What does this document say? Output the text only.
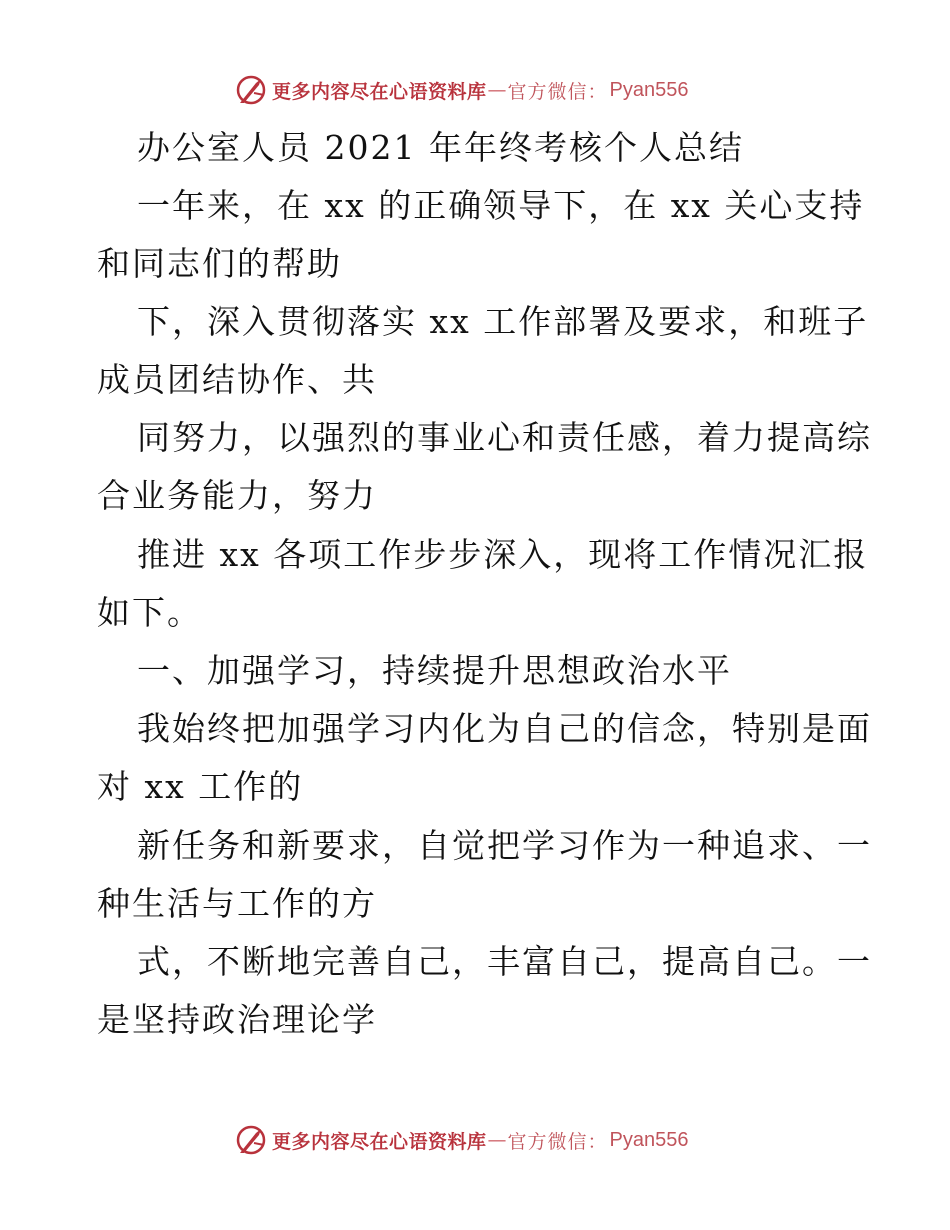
更多内容尽在心语资料库 — 官方微信： Pyan556
办公室人员 2021 年年终考核个人总结
一年来，在 xx 的正确领导下，在 xx 关心支持
和同志们的帮助
下，深入贯彻落实 xx 工作部署及要求，和班子
成员团结协作、共
同努力，以强烈的事业心和责任感，着力提高综
合业务能力，努力
推进 xx 各项工作步步深入，现将工作情况汇报
如下。
一、加强学习，持续提升思想政治水平
我始终把加强学习内化为自己的信念，特别是面
对 xx 工作的
新任务和新要求，自觉把学习作为一种追求、一
种生活与工作的方
式，不断地完善自己，丰富自己，提高自己。一
是坚持政治理论学
更多内容尽在心语资料库 — 官方微信： Pyan556
